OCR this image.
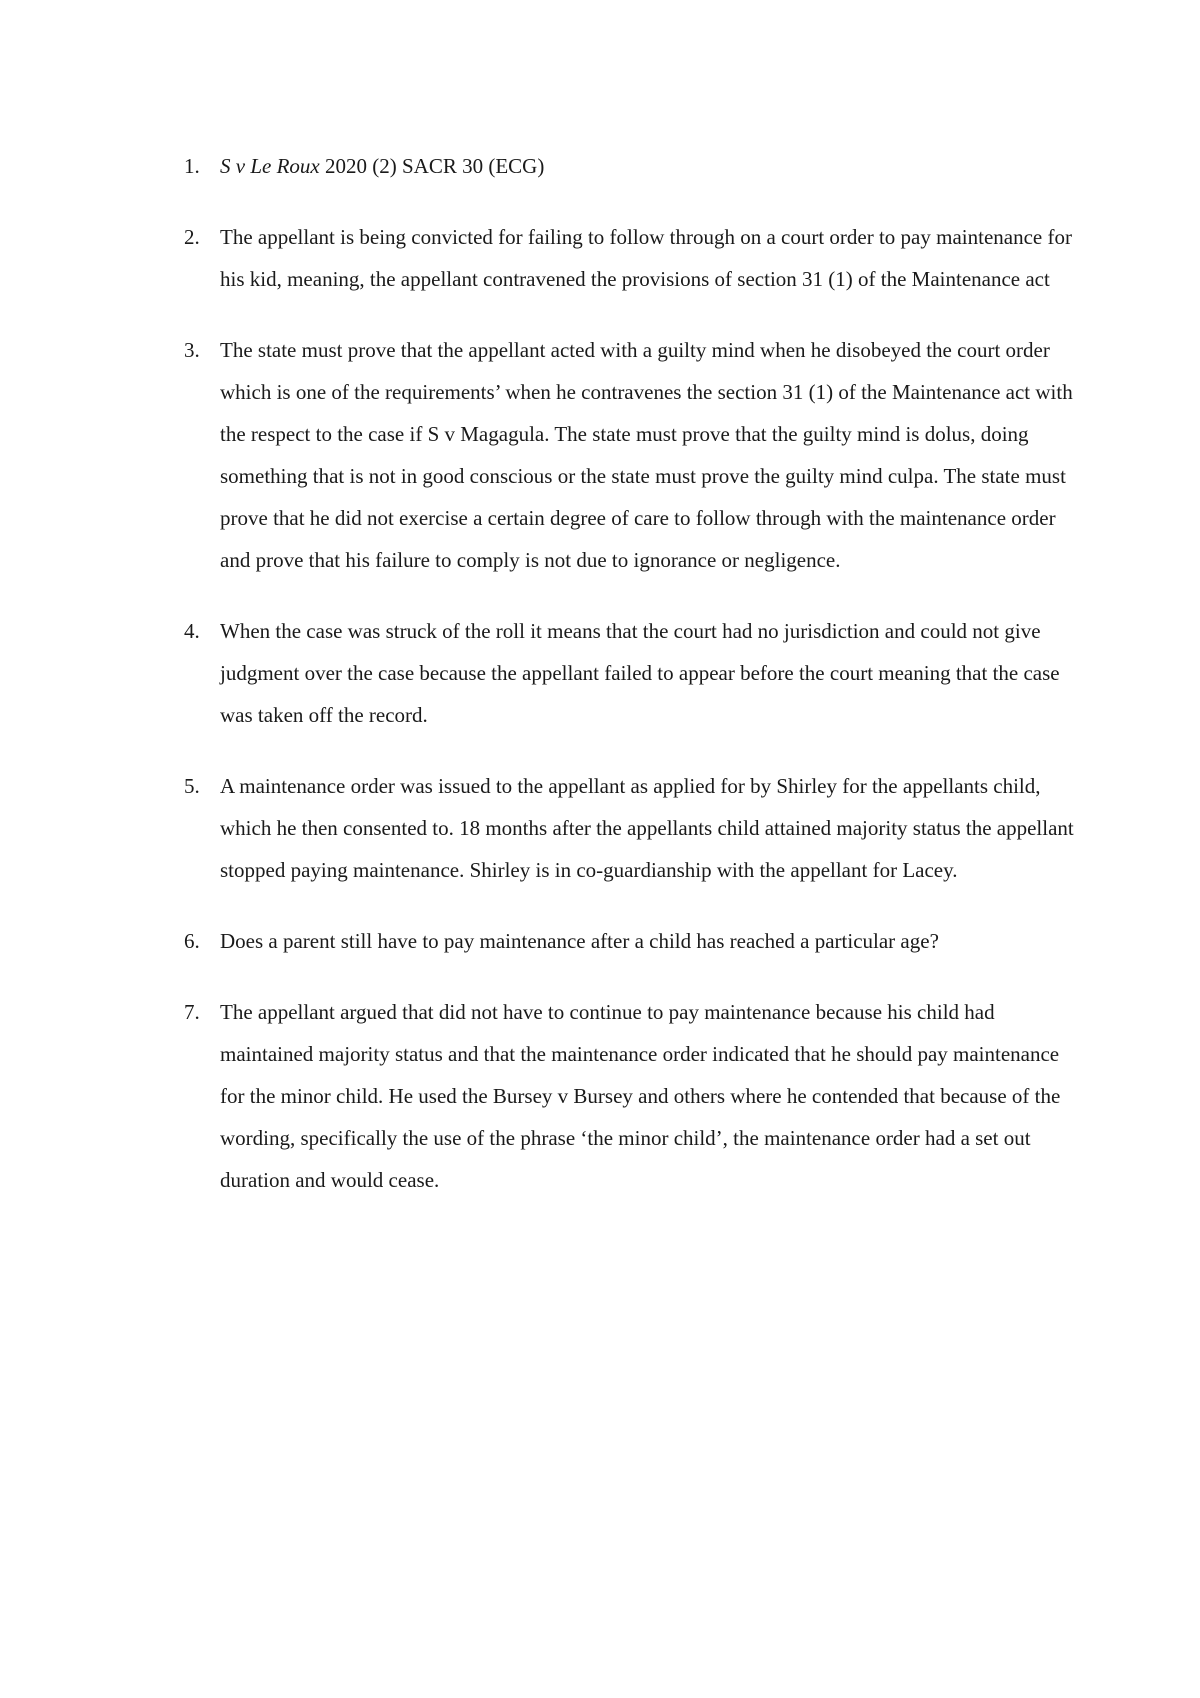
1. S v Le Roux 2020 (2) SACR 30 (ECG)
2. The appellant is being convicted for failing to follow through on a court order to pay maintenance for his kid, meaning, the appellant contravened the provisions of section 31 (1) of the Maintenance act
3. The state must prove that the appellant acted with a guilty mind when he disobeyed the court order which is one of the requirements’ when he contravenes the section 31 (1) of the Maintenance act with the respect to the case if S v Magagula. The state must prove that the guilty mind is dolus, doing something that is not in good conscious or the state must prove the guilty mind culpa. The state must prove that he did not exercise a certain degree of care to follow through with the maintenance order and prove that his failure to comply is not due to ignorance or negligence.
4. When the case was struck of the roll it means that the court had no jurisdiction and could not give judgment over the case because the appellant failed to appear before the court meaning that the case was taken off the record.
5. A maintenance order was issued to the appellant as applied for by Shirley for the appellants child, which he then consented to. 18 months after the appellants child attained majority status the appellant stopped paying maintenance. Shirley is in co-guardianship with the appellant for Lacey.
6. Does a parent still have to pay maintenance after a child has reached a particular age?
7. The appellant argued that did not have to continue to pay maintenance because his child had maintained majority status and that the maintenance order indicated that he should pay maintenance for the minor child. He used the Bursey v Bursey and others where he contended that because of the wording, specifically the use of the phrase ‘the minor child’, the maintenance order had a set out duration and would cease.
